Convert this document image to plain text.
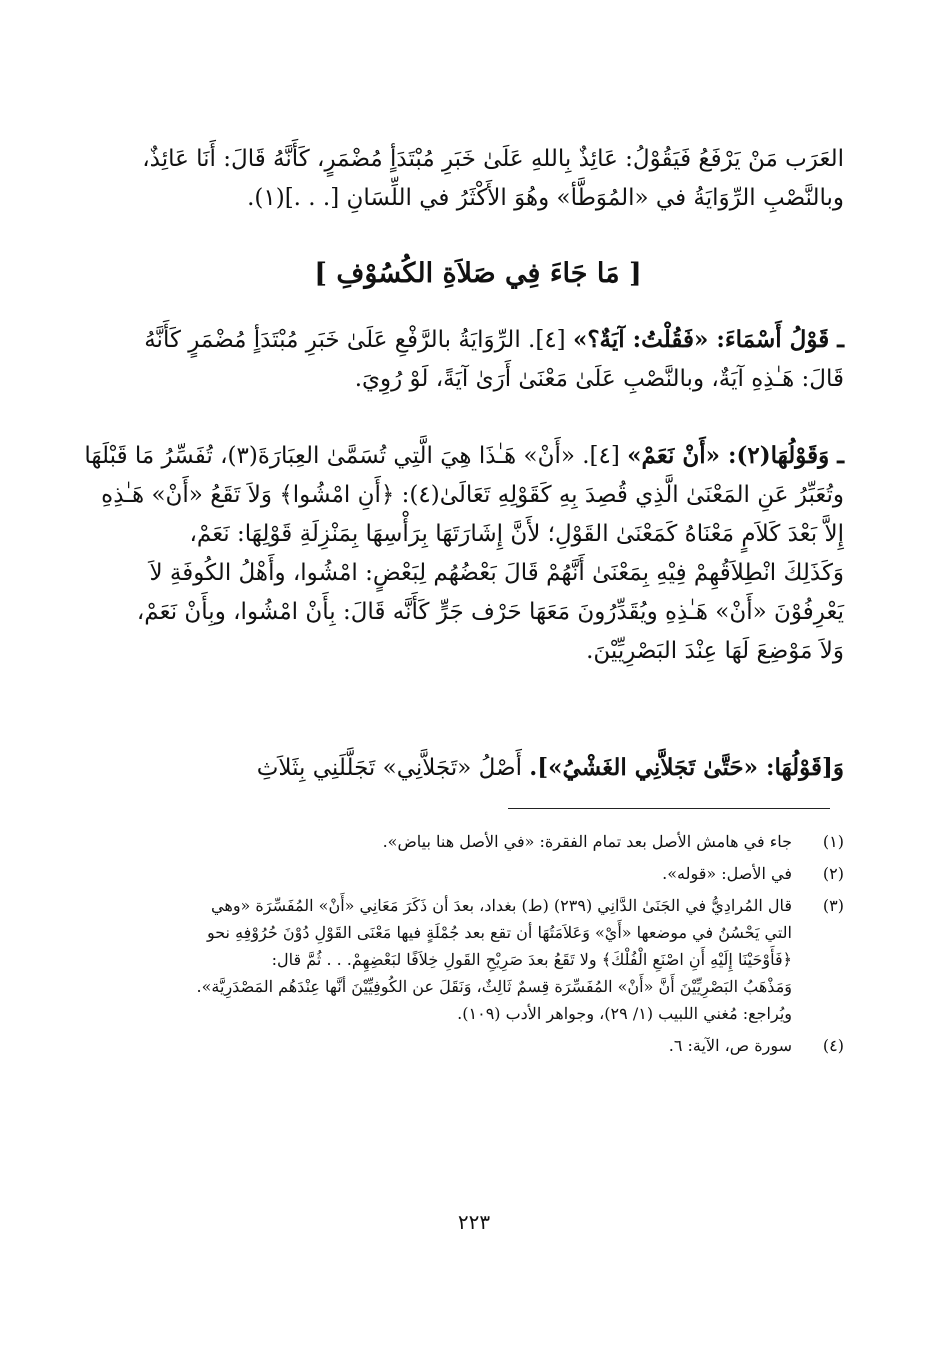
العَرَب مَنْ يَرْفَعُ فَيَقُوْلُ: عَائِذٌ بِاللهِ عَلَىٰ خَبَرِ مُبْتَدَأٍ مُضْمَرٍ، كَأَنَّهُ قَالَ: أَنَا عَائِذٌ،
وبالنَّصْبِ الرِّوَايَةُ في «المُوَطَّأ» وهُوَ الأَكْثَرُ في اللِّسَانِ [. . .](١).
[ مَا جَاءَ فِي صَلاَةِ الكُسُوْفِ ]
ـ قَوْلُ أَسْمَاءَ: «فَقُلْتُ: آيَةٌ؟» [٤]. الرِّوَايَةُ بالرَّفْعِ عَلَىٰ خَبَرِ مُبْتَدَأٍ مُضْمَرٍ كَأَنَّهُ
قَالَ: هَـٰذِهِ آيَةٌ، وبالنَّصْبِ عَلَىٰ مَعْنَىٰ أَرَىٰ آيَةً، لَوْ رُوِيَ.
ـ وَقَوْلُهَا(٢): «أَنْ نَعَمْ» [٤]. «أَنْ» هَـٰذَا هِيَ الَّتِي تُسَمَّىٰ العِبَارَةَ(٣)، تُفَسِّرُ مَا قَبْلَهَا
وتُعَبِّرُ عَنِ المَعْنَىٰ الَّذِي قُصِدَ بِهِ كَقَوْلِهِ تَعَالَىٰ(٤): ﴿أَنِ امْشُوا﴾ وَلاَ تَقَعُ «أَنْ» هَـٰذِهِ
إِلاَّ بَعْدَ كَلاَمٍ مَعْنَاهُ كَمَعْنَىٰ القَوْلِ؛ لأَنَّ إِشَارَتَهَا بِرَأْسِهَا بِمَنْزِلَةِ قَوْلِهَا: نَعَمْ،
وَكَذَلِكَ انْطِلاَقُهِمْ فِيْهِ بِمَعْنَىٰ أَنَّهُمْ قَالَ بَعْضُهُم لِبَعْضٍ: امْشُوا، وأَهْلُ الكُوفَةِ لاَ
يَعْرِفُوْنَ «أَنْ» هَـٰذِهِ ويُقَدِّرُونَ مَعَهَا حَرْف جَرٍّ كَأَنَّه قَالَ: بِأَنْ امْشُوا، وبِأَنْ نَعَمْ،
وَلاَ مَوْضِعَ لَهَا عِنْدَ البَصْرِيِّيْنَ.
وَ[قَوْلُهَا: «حَتَّىٰ تَجَلاَّنِي الغَشْيُ»]. أَصْلُ «تَجَلاَّنِي» تَجَلَّلَنِي بِثَلاَثِ
(١)
جاء في هامش الأصل بعد تمام الفقرة: «في الأصل هنا بياض».
(٢)
في الأصل: «قوله».
(٣)
قال المُرادِيُّ في الجَنَىٰ الدَّانِي (٢٣٩) (ط) بغداد، بعدَ أن ذَكَرَ مَعَانِي «أَنْ» المُفَسِّرَة «وهي
التي يَحْسُنُ في موضعها «أَيْ» وَعَلاَمَتُهَا أن تقع بعد جُمْلَةٍ فيها مَعْنَى القَوْلِ دُوْنَ حُرُوْفِهِ نحو
﴿فَأَوْحَيْنَا إِلَيْهِ أَنِ اصْنَعِ الْفُلْكَ﴾ ولا تَقَعُ بعدَ صَرِيْحِ القَولِ خِلاَفًا لبَعْضِهِمْ. . . ثُمَّ قال:
وَمَذْهَبُ البَصْرِيِّيْنَ أَنَّ «أَنْ» المُفَسِّرَة قِسمٌ ثَالِثٌ، وَنَقَلَ عن الكُوفِيِّيْنَ أنَّها عِنْدَهُم المَصْدَرِيَّة».
ويُراجع: مُغني اللبيب (١/ ٢٩)، وجواهر الأدب (١٠٩).
(٤)
سورة ص، الآية: ٦.
٢٢٣
